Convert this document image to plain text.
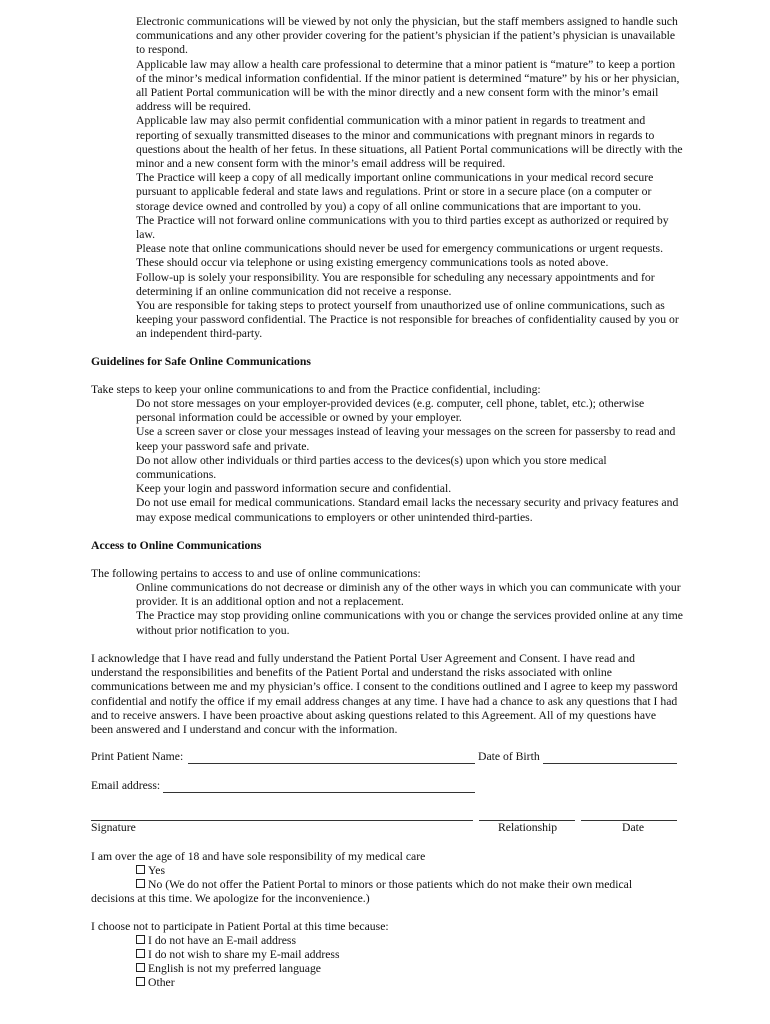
Electronic communications will be viewed by not only the physician, but the staff members assigned to handle such communications and any other provider covering for the patient’s physician if the patient’s physician is unavailable to respond.

Applicable law may allow a health care professional to determine that a minor patient is “mature” to keep a portion of the minor’s medical information confidential. If the minor patient is determined “mature” by his or her physician, all Patient Portal communication will be with the minor directly and a new consent form with the minor’s email address will be required.

Applicable law may also permit confidential communication with a minor patient in regards to treatment and reporting of sexually transmitted diseases to the minor and communications with pregnant minors in regards to questions about the health of her fetus. In these situations, all Patient Portal communications will be directly with the minor and a new consent form with the minor’s email address will be required.

The Practice will keep a copy of all medically important online communications in your medical record secure pursuant to applicable federal and state laws and regulations. Print or store in a secure place (on a computer or storage device owned and controlled by you) a copy of all online communications that are important to you.

The Practice will not forward online communications with you to third parties except as authorized or required by law.

Please note that online communications should never be used for emergency communications or urgent requests. These should occur via telephone or using existing emergency communications tools as noted above.

Follow-up is solely your responsibility. You are responsible for scheduling any necessary appointments and for determining if an online communication did not receive a response.

You are responsible for taking steps to protect yourself from unauthorized use of online communications, such as keeping your password confidential. The Practice is not responsible for breaches of confidentiality caused by you or an independent third-party.

Guidelines for Safe Online Communications

Take steps to keep your online communications to and from the Practice confidential, including:

Do not store messages on your employer-provided devices (e.g. computer, cell phone, tablet, etc.); otherwise personal information could be accessible or owned by your employer.

Use a screen saver or close your messages instead of leaving your messages on the screen for passersby to read and keep your password safe and private.

Do not allow other individuals or third parties access to the devices(s) upon which you store medical communications.

Keep your login and password information secure and confidential.

Do not use email for medical communications. Standard email lacks the necessary security and privacy features and may expose medical communications to employers or other unintended third-parties.

Access to Online Communications

The following pertains to access to and use of online communications:

Online communications do not decrease or diminish any of the other ways in which you can communicate with your provider. It is an additional option and not a replacement.

The Practice may stop providing online communications with you or change the services provided online at any time without prior notification to you.

I acknowledge that I have read and fully understand the Patient Portal User Agreement and Consent. I have read and understand the responsibilities and benefits of the Patient Portal and understand the risks associated with online communications between me and my physician’s office. I consent to the conditions outlined and I agree to keep my password confidential and notify the office if my email address changes at any time. I have had a chance to ask any questions that I had and to receive answers. I have been proactive about asking questions related to this Agreement. All of my questions have been answered and I understand and concur with the information.

Print Patient Name:	Date of Birth
Email address:
Signature	Relationship	Date

I am over the age of 18 and have sole responsibility of my medical care

Yes

No (We do not offer the Patient Portal to minors or those patients which do not make their own medical

decisions at this time. We apologize for the inconvenience.)

I choose not to participate in Patient Portal at this time because:

I do not have an E-mail address

I do not wish to share my E-mail address

English is not my preferred language

Other
